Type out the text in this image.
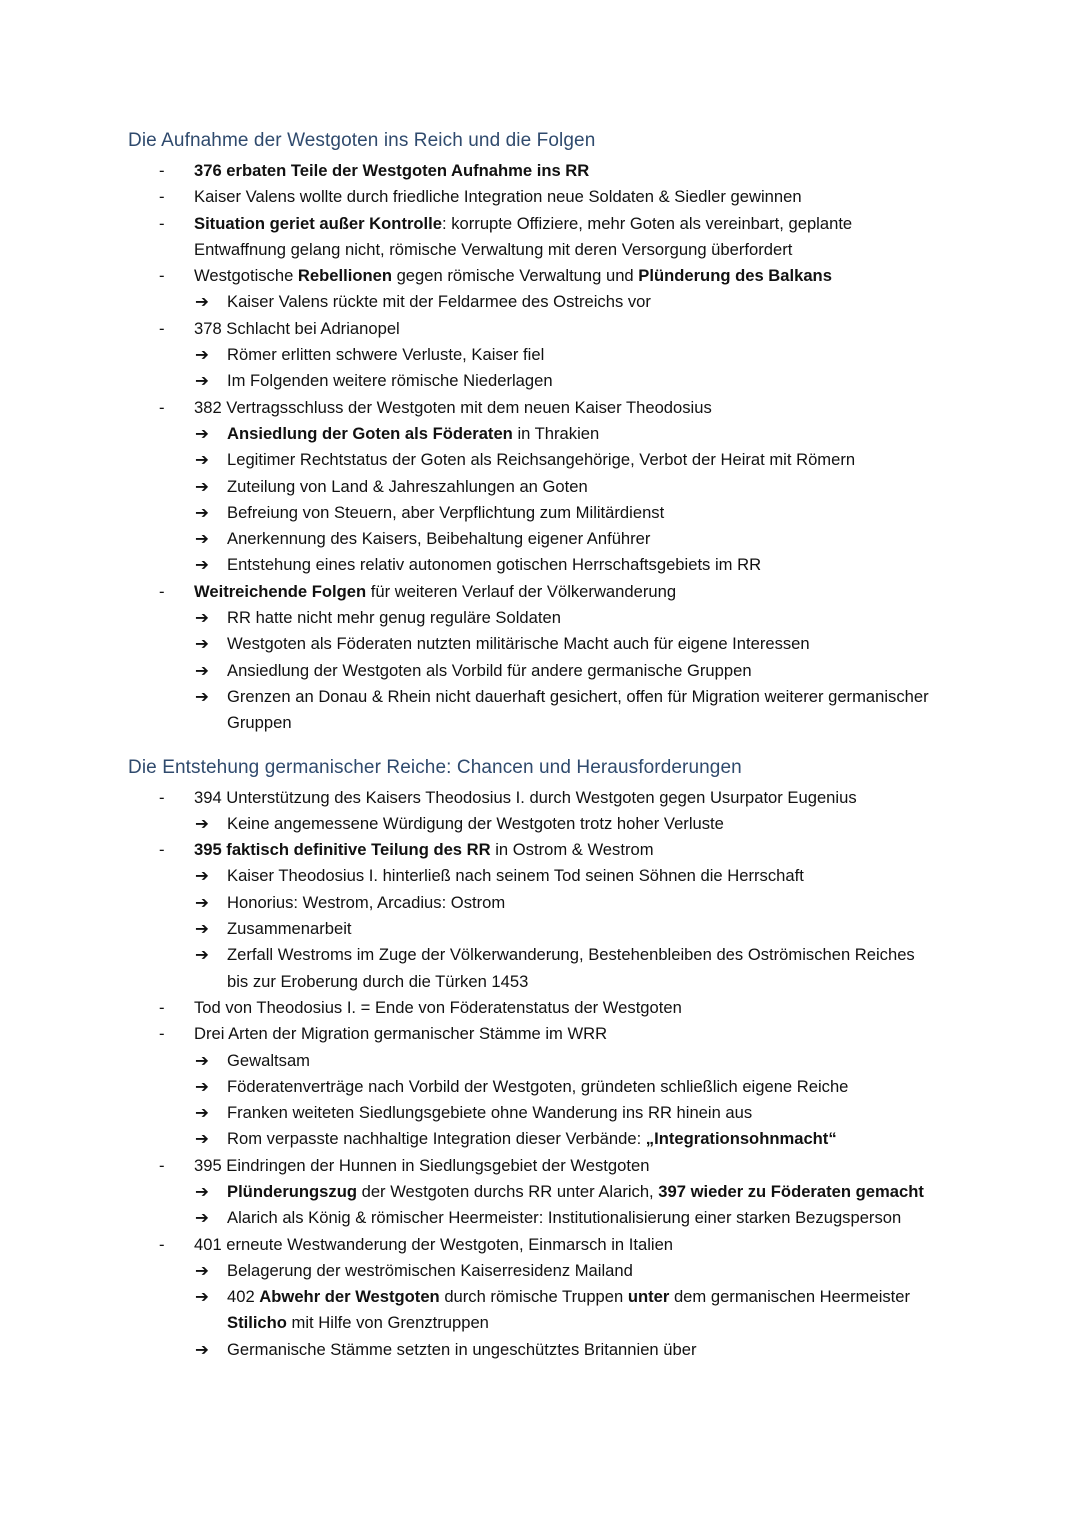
Die Aufnahme der Westgoten ins Reich und die Folgen
- 376 erbaten Teile der Westgoten Aufnahme ins RR
- Kaiser Valens wollte durch friedliche Integration neue Soldaten & Siedler gewinnen
- Situation geriet außer Kontrolle: korrupte Offiziere, mehr Goten als vereinbart, geplante Entwaffnung gelang nicht, römische Verwaltung mit deren Versorgung überfordert
- Westgotische Rebellionen gegen römische Verwaltung und Plünderung des Balkans
➔ Kaiser Valens rückte mit der Feldarmee des Ostreichs vor
- 378 Schlacht bei Adrianopel
➔ Römer erlitten schwere Verluste, Kaiser fiel
➔ Im Folgenden weitere römische Niederlagen
- 382 Vertragsschluss der Westgoten mit dem neuen Kaiser Theodosius
➔ Ansiedlung der Goten als Föderaten in Thrakien
➔ Legitimer Rechtstatus der Goten als Reichsangehörige, Verbot der Heirat mit Römern
➔ Zuteilung von Land & Jahreszahlungen an Goten
➔ Befreiung von Steuern, aber Verpflichtung zum Militärdienst
➔ Anerkennung des Kaisers, Beibehaltung eigener Anführer
➔ Entstehung eines relativ autonomen gotischen Herrschaftsgebiets im RR
- Weitreichende Folgen für weiteren Verlauf der Völkerwanderung
➔ RR hatte nicht mehr genug reguläre Soldaten
➔ Westgoten als Föderaten nutzten militärische Macht auch für eigene Interessen
➔ Ansiedlung der Westgoten als Vorbild für andere germanische Gruppen
➔ Grenzen an Donau & Rhein nicht dauerhaft gesichert, offen für Migration weiterer germanischer Gruppen
Die Entstehung germanischer Reiche: Chancen und Herausforderungen
- 394 Unterstützung des Kaisers Theodosius I. durch Westgoten gegen Usurpator Eugenius
➔ Keine angemessene Würdigung der Westgoten trotz hoher Verluste
- 395 faktisch definitive Teilung des RR in Ostrom & Westrom
➔ Kaiser Theodosius I. hinterließ nach seinem Tod seinen Söhnen die Herrschaft
➔ Honorius: Westrom, Arcadius: Ostrom
➔ Zusammenarbeit
➔ Zerfall Westroms im Zuge der Völkerwanderung, Bestehenbleiben des Oströmischen Reiches bis zur Eroberung durch die Türken 1453
- Tod von Theodosius I. = Ende von Föderatenstatus der Westgoten
- Drei Arten der Migration germanischer Stämme im WRR
➔ Gewaltsam
➔ Föderatenverträge nach Vorbild der Westgoten, gründeten schließlich eigene Reiche
➔ Franken weiteten Siedlungsgebiete ohne Wanderung ins RR hinein aus
➔ Rom verpasste nachhaltige Integration dieser Verbände: „Integrationsohnmacht“
- 395 Eindringen der Hunnen in Siedlungsgebiet der Westgoten
➔ Plünderungszug der Westgoten durchs RR unter Alarich, 397 wieder zu Föderaten gemacht
➔ Alarich als König & römischer Heermeister: Institutionalisierung einer starken Bezugsperson
- 401 erneute Westwanderung der Westgoten, Einmarsch in Italien
➔ Belagerung der weströmischen Kaiserresidenz Mailand
➔ 402 Abwehr der Westgoten durch römische Truppen unter dem germanischen Heermeister Stilicho mit Hilfe von Grenztruppen
➔ Germanische Stämme setzten in ungeschütztes Britannien über
